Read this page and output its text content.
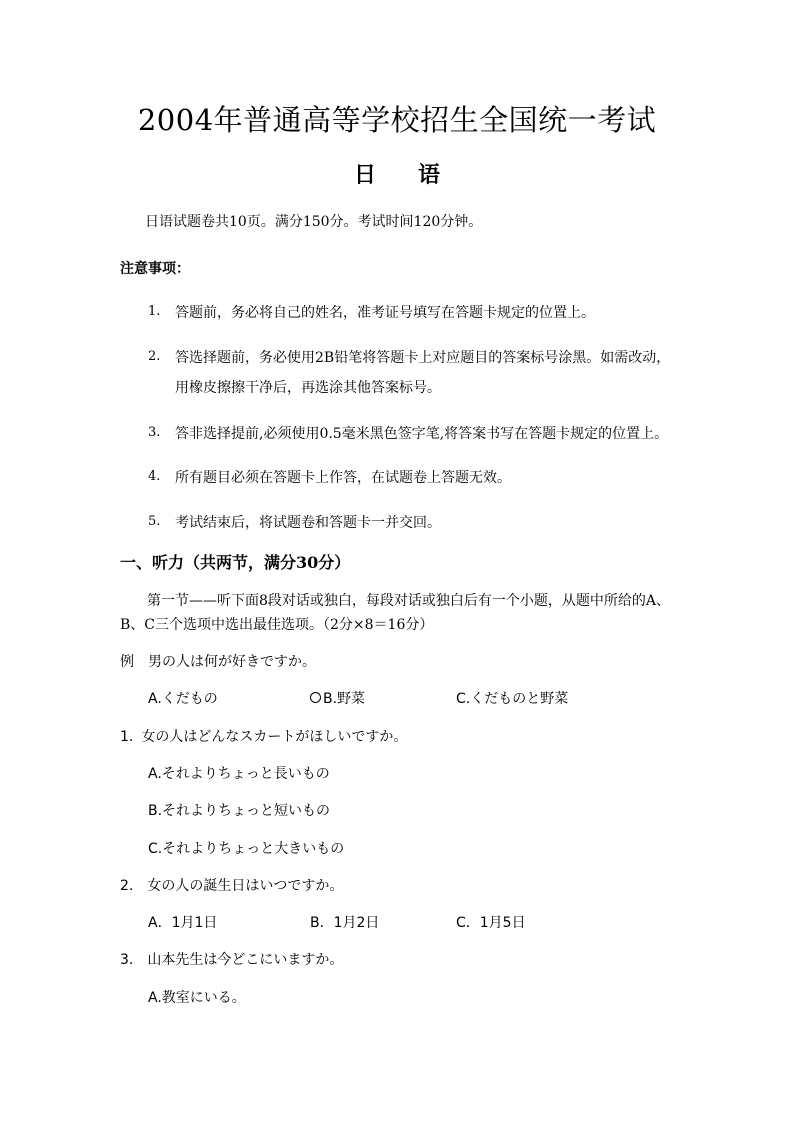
2004年普通高等学校招生全国统一考试
日 语
日语试题卷共10页。满分150分。考试时间120分钟。
注意事项：
1. 答题前，务必将自己的姓名，准考证号填写在答题卡规定的位置上。
2. 答选择题前，务必使用2B铅笔将答题卡上对应题目的答案标号涂黑。如需改动，
用橡皮擦擦干净后，再选涂其他答案标号。
3. 答非选择提前,必须使用0.5毫米黑色签字笔,将答案书写在答题卡规定的位置上。
4. 所有题目必须在答题卡上作答，在试题卷上答题无效。
5. 考试结束后，将试题卷和答题卡一并交回。
一、听力（共两节，满分30分）
第一节——听下面8段对话或独白，每段对话或独白后有一个小题，从题中所给的A、
B、C三个选项中选出最佳选项。（2分×8＝16分）
例 男の人は何が好きですか。
A.くだもの	B.野菜	C.くだものと野菜
1. 女の人はどんなスカートがほしいですか。
A.それよりちょっと長いもの
B.それよりちょっと短いもの
C.それよりちょっと大きいもの
2. 女の人の誕生日はいつですか。
A．1月1日	B．1月2日	C．1月5日
3. 山本先生は今どこにいますか。
A.教室にいる。
